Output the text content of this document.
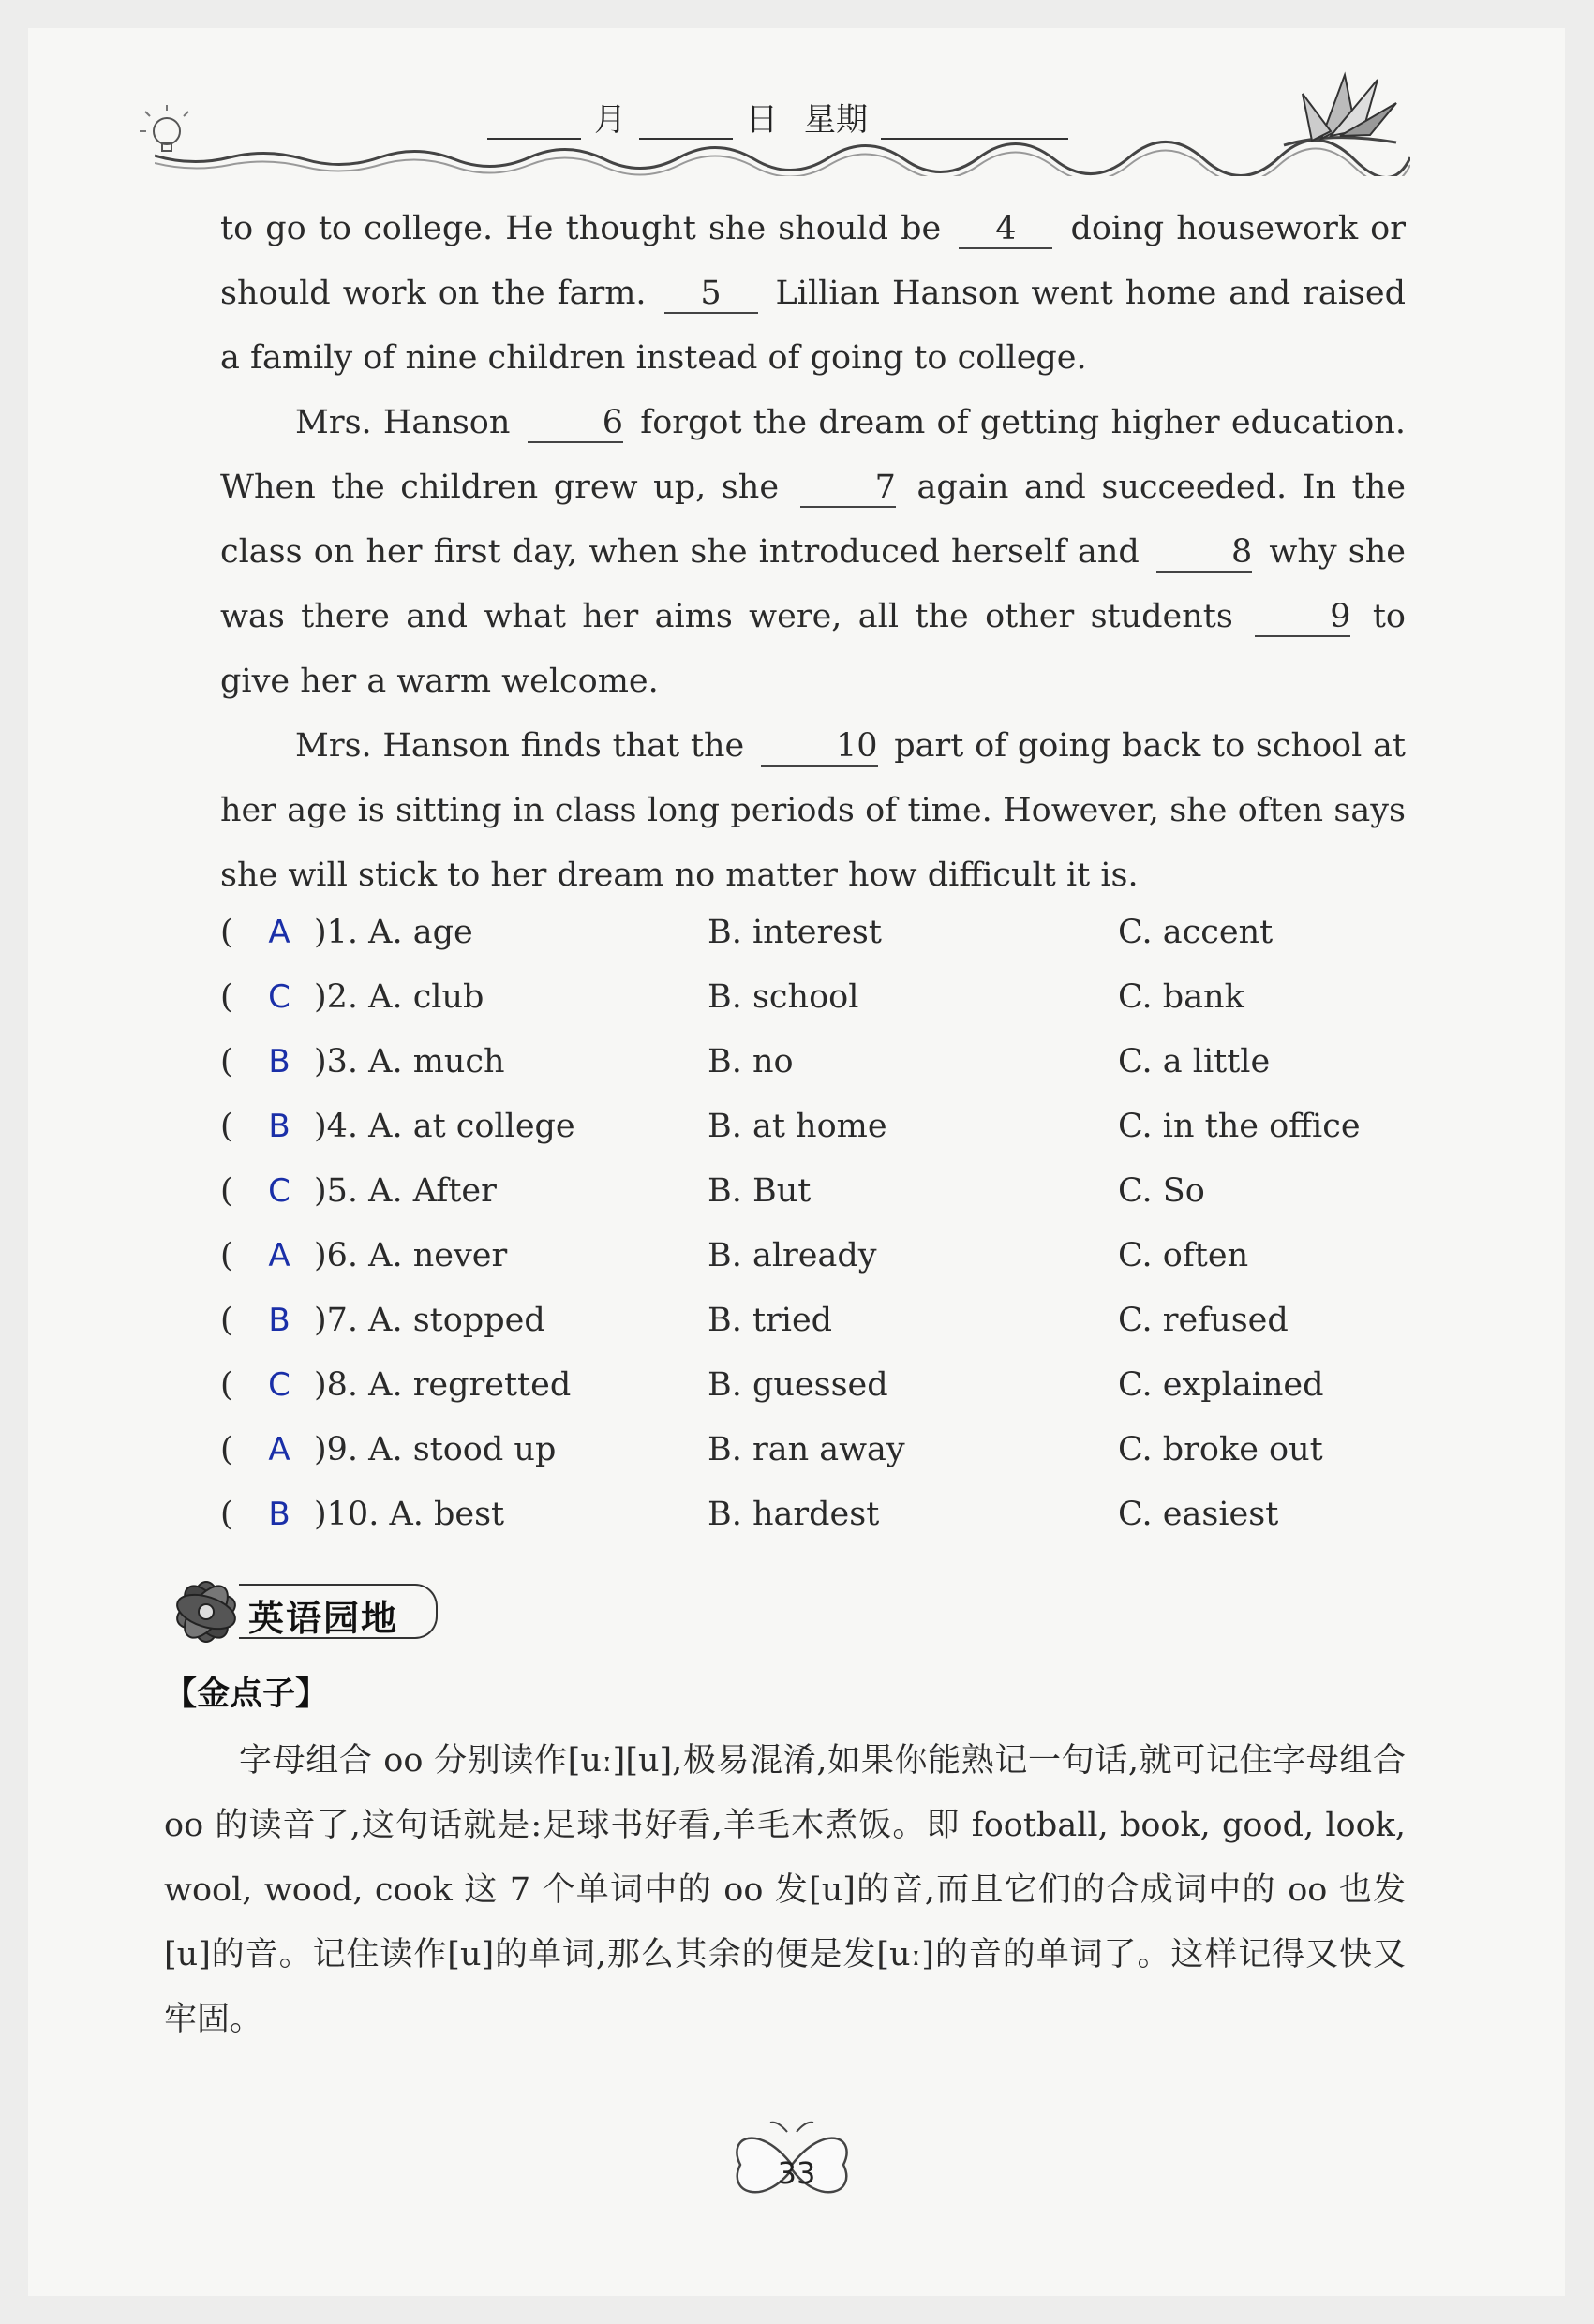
月	日 星期

to go to college. He thought she should be 4 doing housework or should work on the farm. 5 Lillian Hanson went home and raised a family of nine children instead of going to college.

Mrs. Hanson	6 forgot the dream of getting higher education. When the children grew up, she	7 again and succeeded. In the class on her first day, when she introduced herself and	8 why she was there and what her aims were, all the other students	9 to give her a warm welcome.

Mrs. Hanson finds that the	10 part of going back to school at her age is sitting in class long periods of time. However, she often says she will stick to her dream no matter how difficult it is.

( A )1. A. age	B. interest	C. accent
( C )2. A. club	B. school	C. bank
( B )3. A. much	B. no	C. a little
( B )4. A. at college	B. at home	C. in the office
( C )5. A. After	B. But	C. So
( A )6. A. never	B. already	C. often
( B )7. A. stopped	B. tried	C. refused
( C )8. A. regretted	B. guessed	C. explained
( A )9. A. stood up	B. ran away	C. broke out
( B )10. A. best	B. hardest	C. easiest
英语园地
【金点子】

字母组合 oo 分别读作[uː][u],极易混淆,如果你能熟记一句话,就可记住字母组合 oo 的读音了,这句话就是:足球书好看,羊毛木煮饭。即 football, book, good, look, wool, wood, cook 这 7 个单词中的 oo 发[u]的音,而且它们的合成词中的 oo 也发[u]的音。记住读作[u]的单词,那么其余的便是发[uː]的音的单词了。这样记得又快又牢固。

33
